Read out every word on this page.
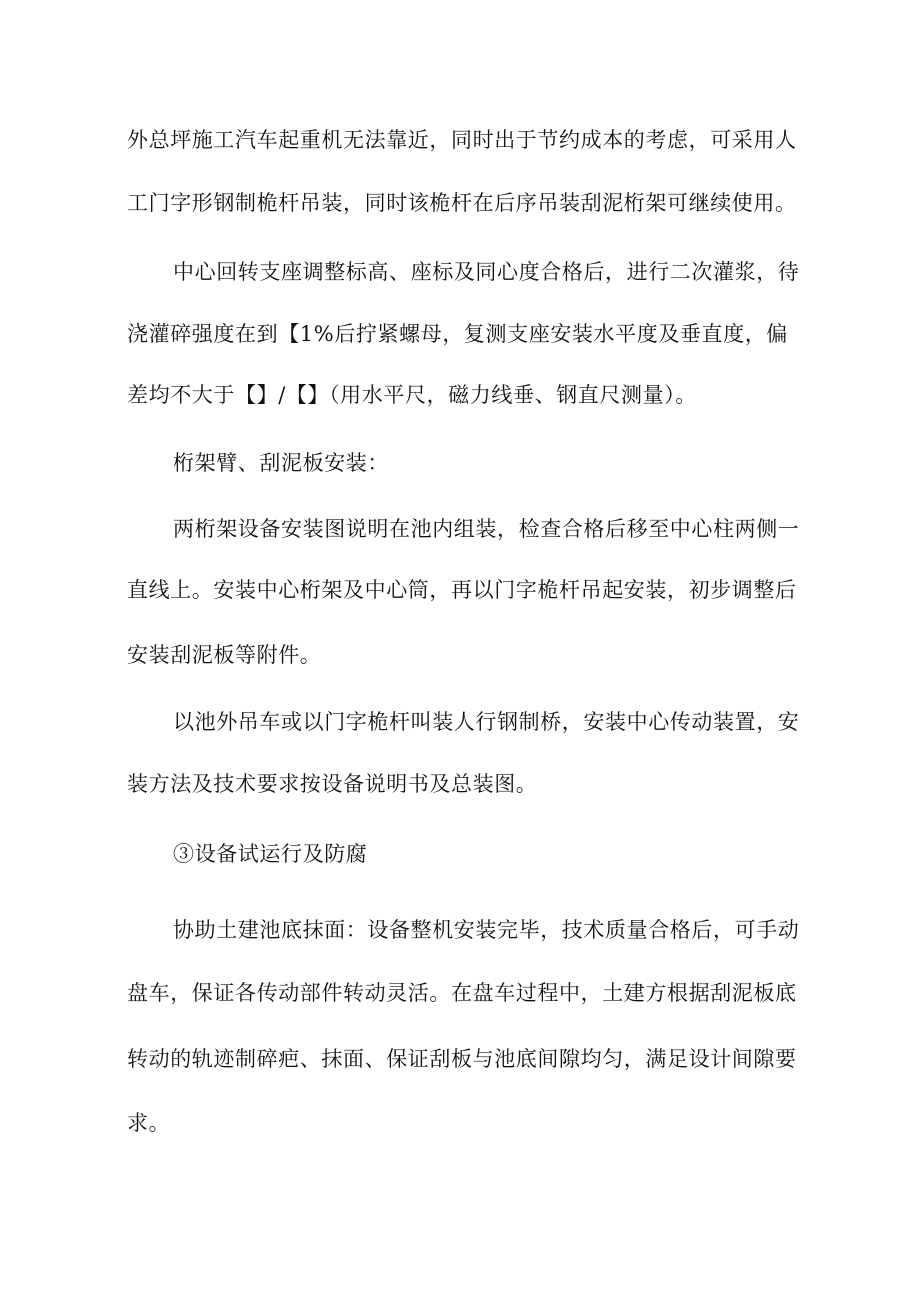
外总坪施工汽车起重机无法靠近，同时出于节约成本的考虑，可采用人
工门字形钢制桅杆吊装，同时该桅杆在后序吊装刮泥桁架可继续使用。
中心回转支座调整标高、座标及同心度合格后，进行二次灌浆，待
浇灌碎强度在到【1%后拧紧螺母，复测支座安装水平度及垂直度，偏
差均不大于【】/【】（用水平尺，磁力线垂、钢直尺测量）。
桁架臂、刮泥板安装：
两桁架设备安装图说明在池内组装，检查合格后移至中心柱两侧一
直线上。安装中心桁架及中心筒，再以门字桅杆吊起安装，初步调整后
安装刮泥板等附件。
以池外吊车或以门字桅杆叫装人行钢制桥，安装中心传动装置，安
装方法及技术要求按设备说明书及总装图。
③设备试运行及防腐
协助土建池底抹面：设备整机安装完毕，技术质量合格后，可手动
盘车，保证各传动部件转动灵活。在盘车过程中，土建方根据刮泥板底
转动的轨迹制碎疤、抹面、保证刮板与池底间隙均匀，满足设计间隙要
求。
